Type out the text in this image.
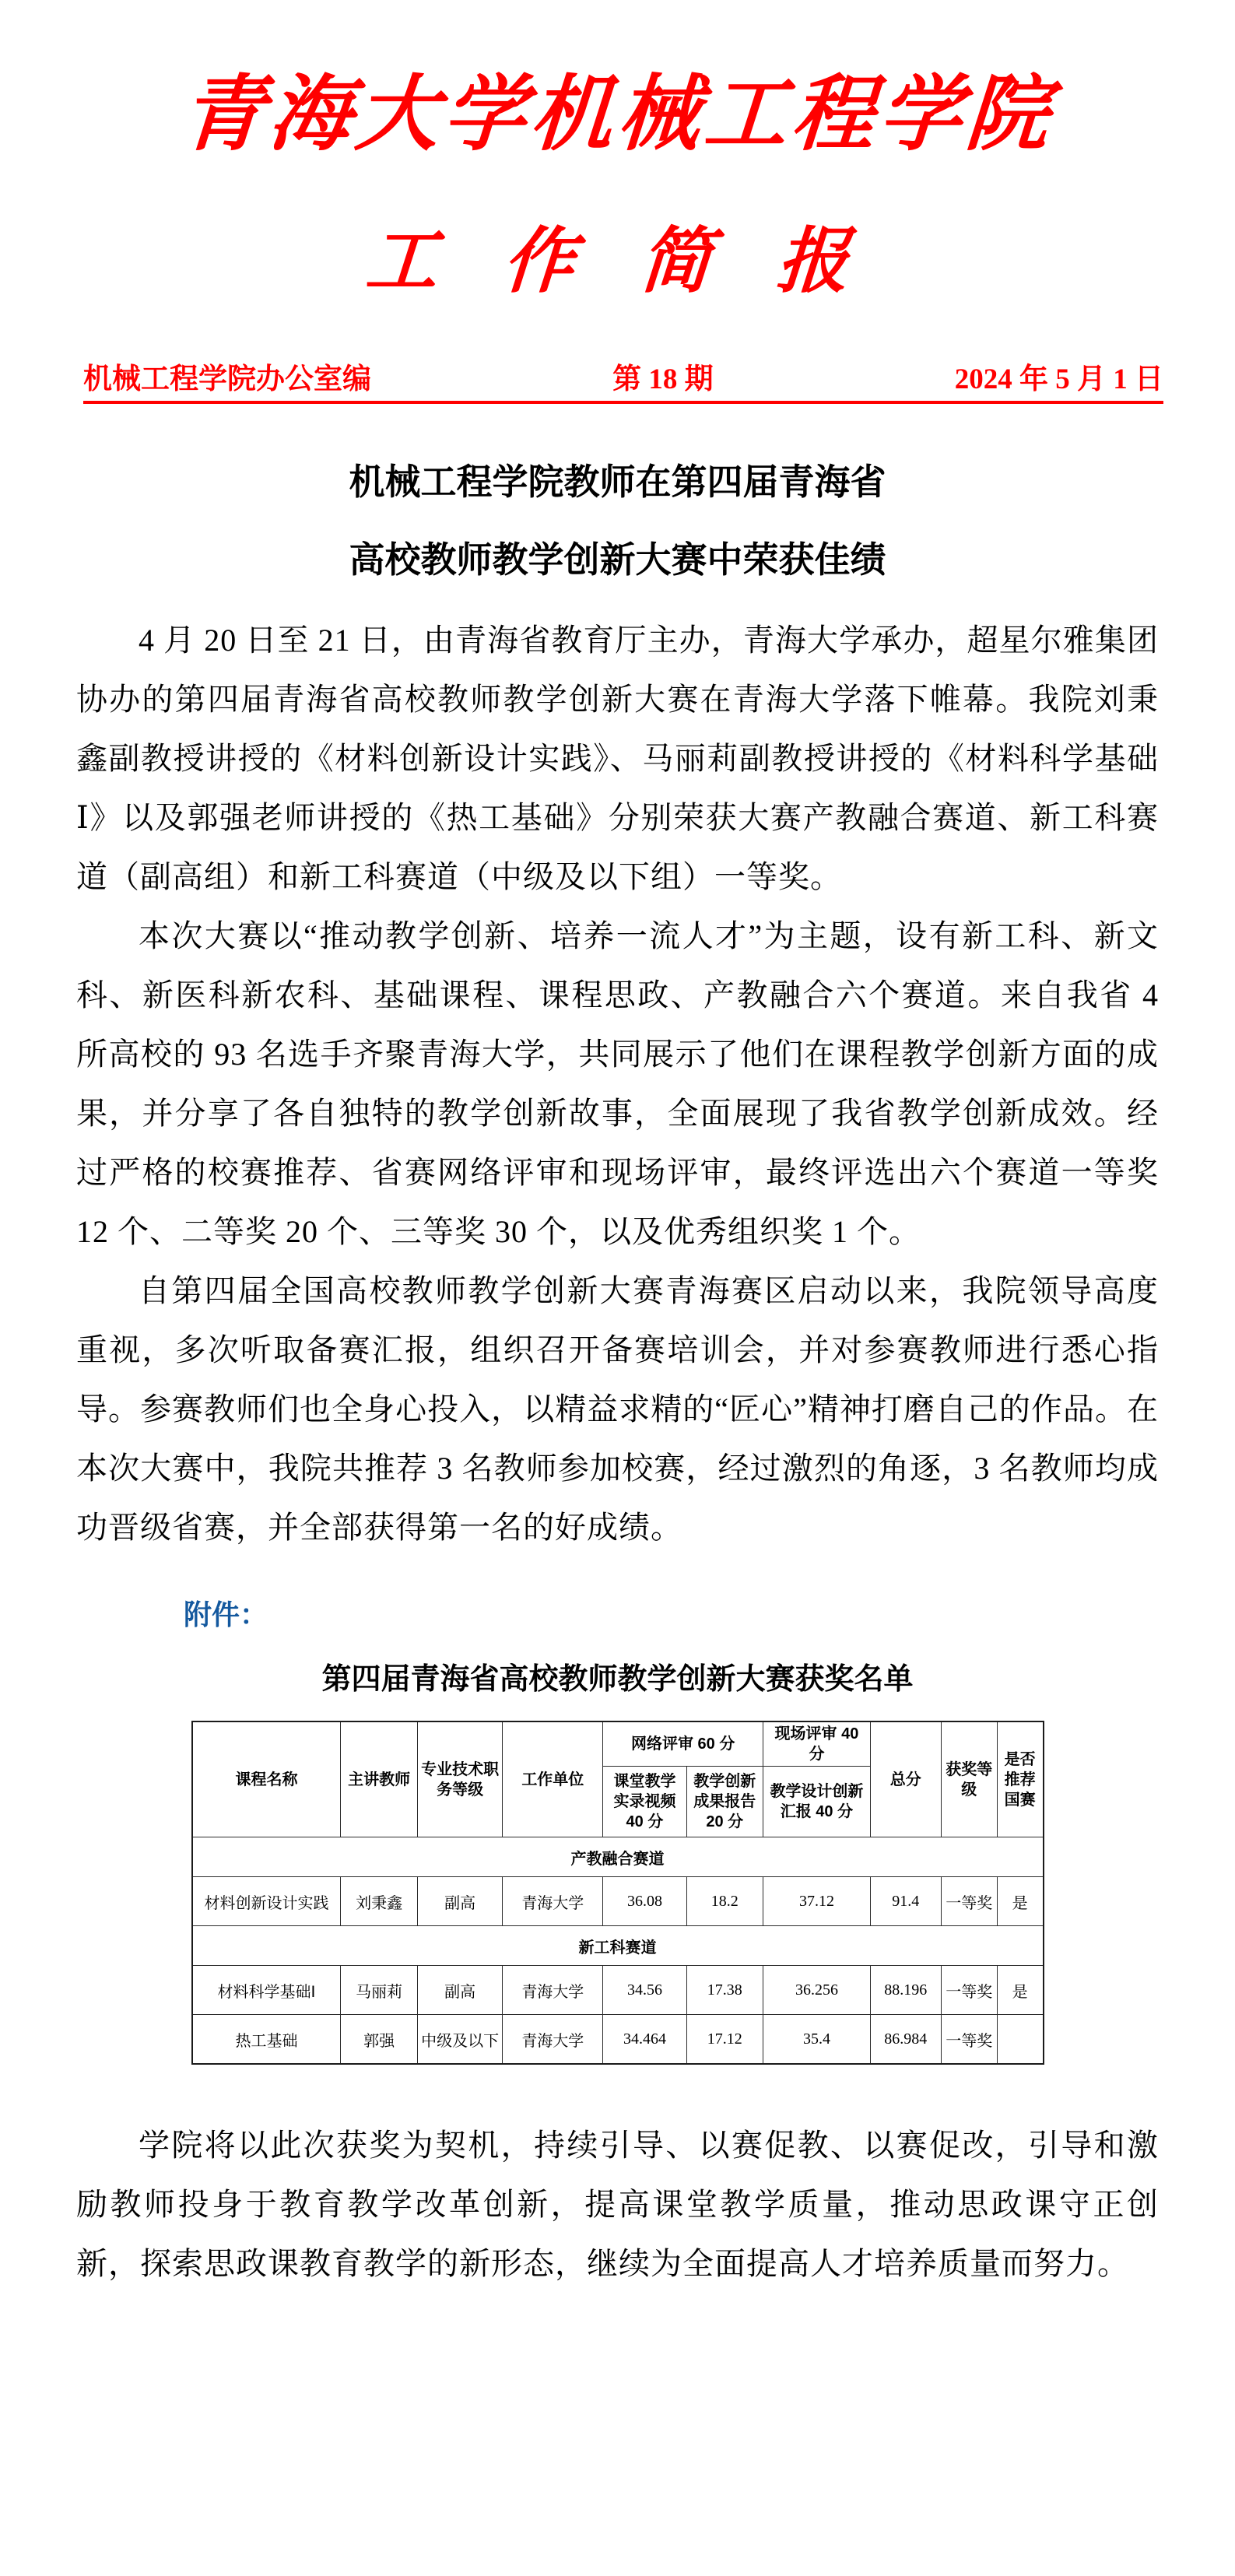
青海大学机械工程学院
工 作 简 报
机械工程学院办公室编	第 18 期	2024 年 5 月 1 日
机械工程学院教师在第四届青海省
高校教师教学创新大赛中荣获佳绩

4 月 20 日至 21 日，由青海省教育厅主办，青海大学承办，超星尔雅集团协办的第四届青海省高校教师教学创新大赛在青海大学落下帷幕。我院刘秉鑫副教授讲授的《材料创新设计实践》、马丽莉副教授讲授的《材料科学基础Ⅰ》以及郭强老师讲授的《热工基础》分别荣获大赛产教融合赛道、新工科赛道（副高组）和新工科赛道（中级及以下组）一等奖。

本次大赛以“推动教学创新、培养一流人才”为主题，设有新工科、新文科、新医科新农科、基础课程、课程思政、产教融合六个赛道。来自我省 4 所高校的 93 名选手齐聚青海大学，共同展示了他们在课程教学创新方面的成果，并分享了各自独特的教学创新故事，全面展现了我省教学创新成效。经过严格的校赛推荐、省赛网络评审和现场评审，最终评选出六个赛道一等奖 12 个、二等奖 20 个、三等奖 30 个，以及优秀组织奖 1 个。

自第四届全国高校教师教学创新大赛青海赛区启动以来，我院领导高度重视，多次听取备赛汇报，组织召开备赛培训会，并对参赛教师进行悉心指导。参赛教师们也全身心投入，以精益求精的“匠心”精神打磨自己的作品。在本次大赛中，我院共推荐 3 名教师参加校赛，经过激烈的角逐，3 名教师均成功晋级省赛，并全部获得第一名的好成绩。

附件：
第四届青海省高校教师教学创新大赛获奖名单
课程名称	主讲教师	专业技术职务等级	工作单位	网络评审 60 分		现场评审 40 分	总分	获奖等级	是否推荐国赛
				课堂教学实录视频 40 分	教学创新成果报告 20 分	教学设计创新汇报 40 分			
产教融合赛道									
材料创新设计实践	刘秉鑫	副高	青海大学	36.08	18.2	37.12	91.4	一等奖	是
新工科赛道									
材料科学基础Ⅰ	马丽莉	副高	青海大学	34.56	17.38	36.256	88.196	一等奖	是
热工基础	郭强	中级及以下	青海大学	34.464	17.12	35.4	86.984	一等奖	

学院将以此次获奖为契机，持续引导、以赛促教、以赛促改，引导和激励教师投身于教育教学改革创新，提高课堂教学质量，推动思政课守正创新，探索思政课教育教学的新形态，继续为全面提高人才培养质量而努力。
